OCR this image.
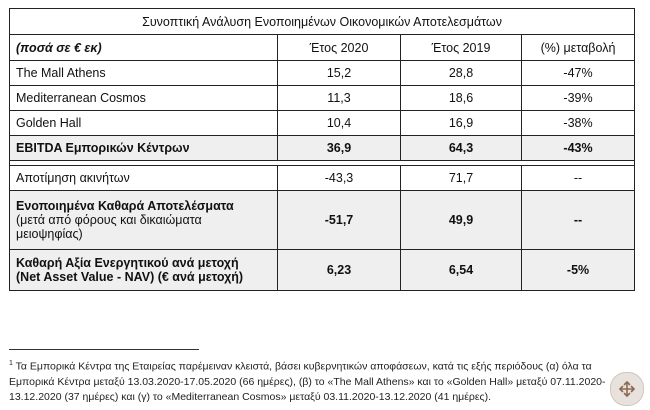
Συνοπτική Ανάλυση Ενοποιημένων Οικονομικών Αποτελεσμάτων			
(ποσά σε € εκ)	Έτος 2020	Έτος 2019	(%) μεταβολή
The Mall Athens	15,2	28,8	-47%
Mediterranean Cosmos	11,3	18,6	-39%
Golden Hall	10,4	16,9	-38%
EBITDA Εμπορικών Κέντρων	36,9	64,3	-43%

Αποτίμηση ακινήτων	-43,3	71,7	--
Ενοποιημένα Καθαρά Αποτελέσματα
(μετά από φόρους και δικαιώματα μειοψηφίας)	-51,7	49,9	--
Καθαρή Αξία Ενεργητικού ανά μετοχή
(Net Asset Value - NAV) (€ ανά μετοχή)	6,23	6,54	-5%
$^1$ Τα Εμπορικά Κέντρα της Εταιρείας παρέμειναν κλειστά, βάσει κυβερνητικών αποφάσεων, κατά τις εξής περιόδους (α) όλα τα Εμπορικά Κέντρα μεταξύ 13.03.2020-17.05.2020 (66 ημέρες), (β) το «The Mall Athens» και το «Golden Hall» μεταξύ 07.11.2020-13.12.2020 (37 ημέρες) και (γ) το «Mediterranean Cosmos» μεταξύ 03.11.2020-13.12.2020 (41 ημέρες).
